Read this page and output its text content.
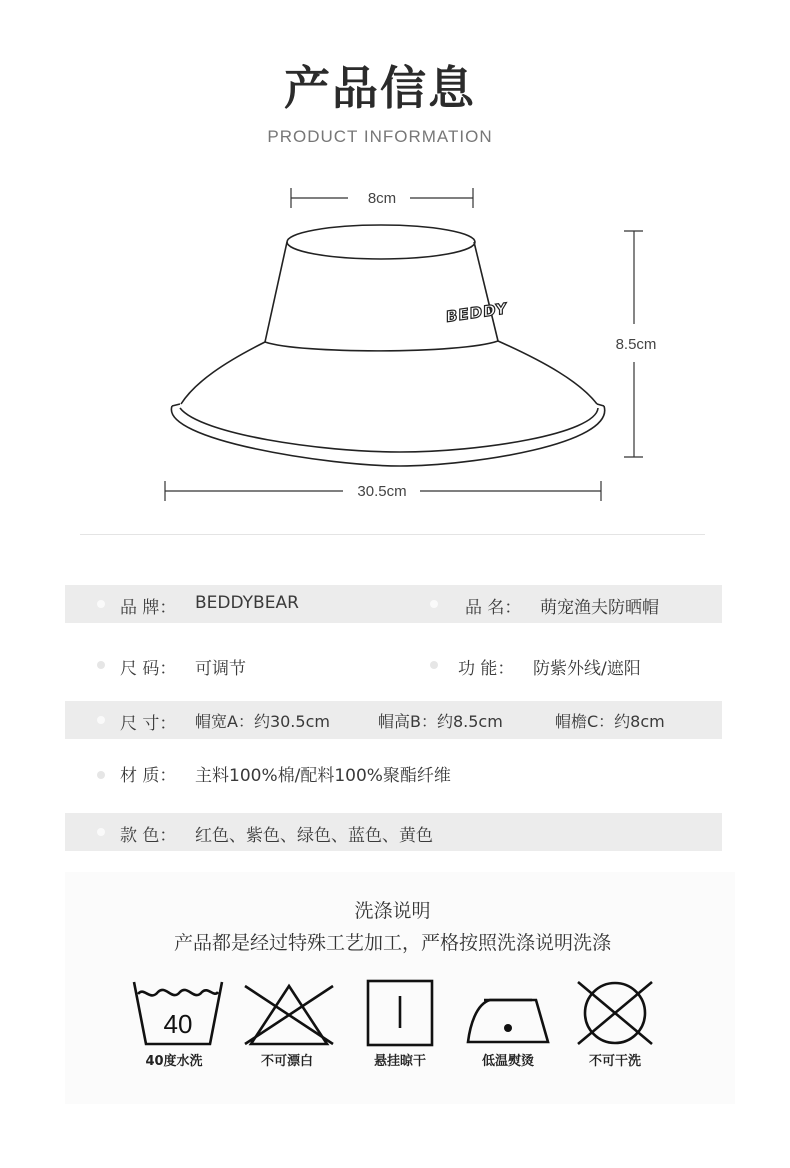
产品信息
PRODUCT INFORMATION
BEDDY
8cm
8.5cm
30.5cm
品 牌： BEDDYBEAR	品 名： 萌宠渔夫防晒帽
尺 码： 可调节	功 能： 防紫外线/遮阳
尺 寸： 帽宽A：约30.5cm	帽高B：约8.5cm	帽檐C：约8cm
材 质： 主料100%棉/配料100%聚酯纤维
款 色： 红色、紫色、绿色、蓝色、黄色
洗涤说明
产品都是经过特殊工艺加工，严格按照洗涤说明洗涤
40
40度水洗	不可漂白	悬挂晾干	低温熨烫	不可干洗
